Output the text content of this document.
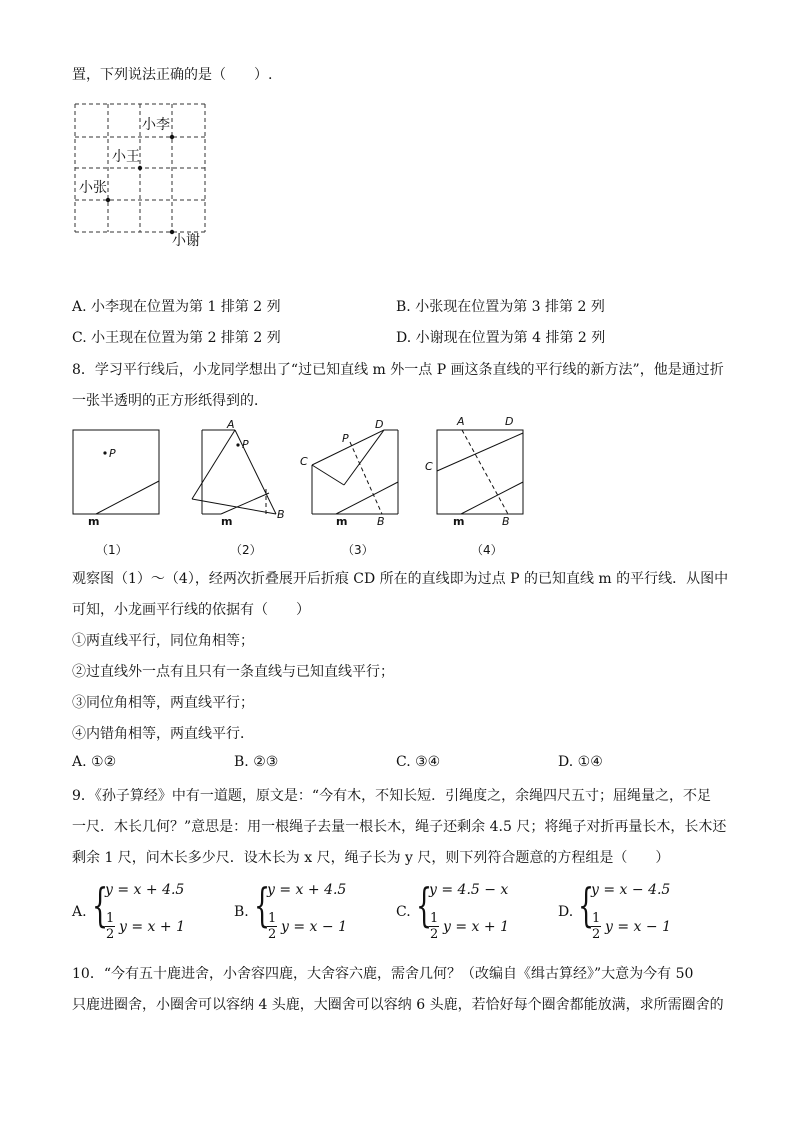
置，下列说法正确的是（　　）.
小李
小王
小张
小谢
A. 小李现在位置为第 1 排第 2 列	B. 小张现在位置为第 3 排第 2 列
C. 小王现在位置为第 2 排第 2 列	D. 小谢现在位置为第 4 排第 2 列
8．学习平行线后，小龙同学想出了“过已知直线 m 外一点 P 画这条直线的平行线的新方法”，他是通过折
一张半透明的正方形纸得到的．
P
A
P
B
C
P
D
B
C
A	D
B
m	m	m	m
（1）	（2）	（3）	（4）
观察图（1）～（4），经两次折叠展开后折痕 CD 所在的直线即为过点 P 的已知直线 m 的平行线．从图中
可知，小龙画平行线的依据有（　　）
①两直线平行，同位角相等；
②过直线外一点有且只有一条直线与已知直线平行；
③同位角相等，两直线平行；
④内错角相等，两直线平行．
A. ①②	B. ②③	C. ③④	D. ①④
9．《孙子算经》中有一道题，原文是：“今有木，不知长短．引绳度之，余绳四尺五寸；屈绳量之，不足
一尺．木长几何？”意思是：用一根绳子去量一根长木，绳子还剩余 4.5 尺；将绳子对折再量长木，长木还
剩余 1 尺，问木长多少尺．设木长为 x 尺，绳子长为 y 尺，则下列符合题意的方程组是（　　）
A. {
y = x + 4.5
$\frac{1}{2}$ y = x + 1
B. {
y = x + 4.5
$\frac{1}{2}$ y = x − 1
C. {
y = 4.5 − x
$\frac{1}{2}$ y = x + 1
D. {
y = x − 4.5
$\frac{1}{2}$ y = x − 1
10．“今有五十鹿进舍，小舍容四鹿，大舍容六鹿，需舍几何？（改编自《缉古算经》”大意为今有 50
只鹿进圈舍，小圈舍可以容纳 4 头鹿，大圈舍可以容纳 6 头鹿，若恰好每个圈舍都能放满，求所需圈舍的
